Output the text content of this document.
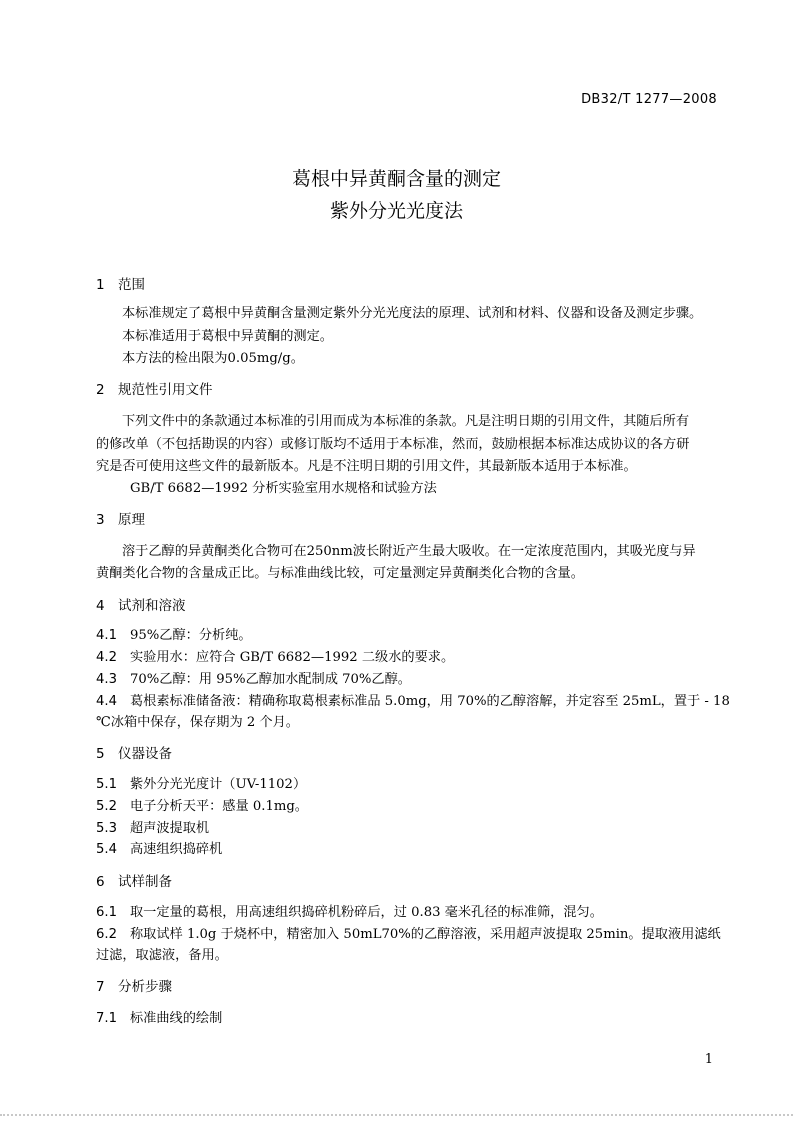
DB32/T 1277—2008
葛根中异黄酮含量的测定
紫外分光光度法
1 范围
本标准规定了葛根中异黄酮含量测定紫外分光光度法的原理、试剂和材料、仪器和设备及测定步骤。
本标准适用于葛根中异黄酮的测定。
本方法的检出限为0.05mg/g。
2 规范性引用文件
下列文件中的条款通过本标准的引用而成为本标准的条款。凡是注明日期的引用文件，其随后所有
的修改单（不包括勘误的内容）或修订版均不适用于本标准，然而，鼓励根据本标准达成协议的各方研
究是否可使用这些文件的最新版本。凡是不注明日期的引用文件，其最新版本适用于本标准。
GB/T 6682—1992 分析实验室用水规格和试验方法
3 原理
溶于乙醇的异黄酮类化合物可在250nm波长附近产生最大吸收。在一定浓度范围内，其吸光度与异
黄酮类化合物的含量成正比。与标准曲线比较，可定量测定异黄酮类化合物的含量。
4 试剂和溶液
4.1 95%乙醇：分析纯。
4.2 实验用水：应符合 GB/T 6682—1992 二级水的要求。
4.3 70%乙醇：用 95%乙醇加水配制成 70%乙醇。
4.4 葛根素标准储备液：精确称取葛根素标准品 5.0mg，用 70%的乙醇溶解，并定容至 25mL，置于 - 18
℃冰箱中保存，保存期为 2 个月。
5 仪器设备
5.1 紫外分光光度计（UV-1102）
5.2 电子分析天平：感量 0.1mg。
5.3 超声波提取机
5.4 高速组织捣碎机
6 试样制备
6.1 取一定量的葛根，用高速组织捣碎机粉碎后，过 0.83 毫米孔径的标准筛，混匀。
6.2 称取试样 1.0g 于烧杯中，精密加入 50mL70%的乙醇溶液，采用超声波提取 25min。提取液用滤纸
过滤，取滤液，备用。
7 分析步骤
7.1 标准曲线的绘制
1
